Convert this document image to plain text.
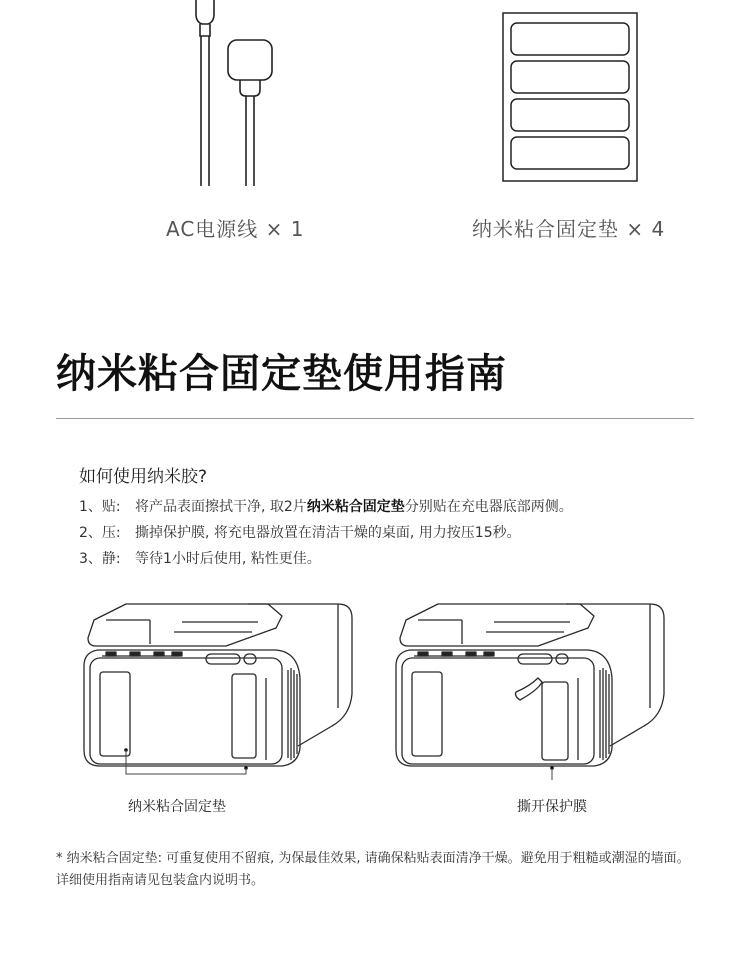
AC电源线 × 1	纳米粘合固定垫 × 4
纳米粘合固定垫使用指南
如何使用纳米胶?
1、贴: 将产品表面擦拭干净, 取2片纳米粘合固定垫分别贴在充电器底部两侧。
2、压: 撕掉保护膜, 将充电器放置在清洁干燥的桌面, 用力按压15秒。
3、静: 等待1小时后使用, 粘性更佳。
纳米粘合固定垫	撕开保护膜
* 纳米粘合固定垫: 可重复使用不留痕, 为保最佳效果, 请确保粘贴表面清净干燥。避免用于粗糙或潮湿的墙面。详细使用指南请见包装盒内说明书。
